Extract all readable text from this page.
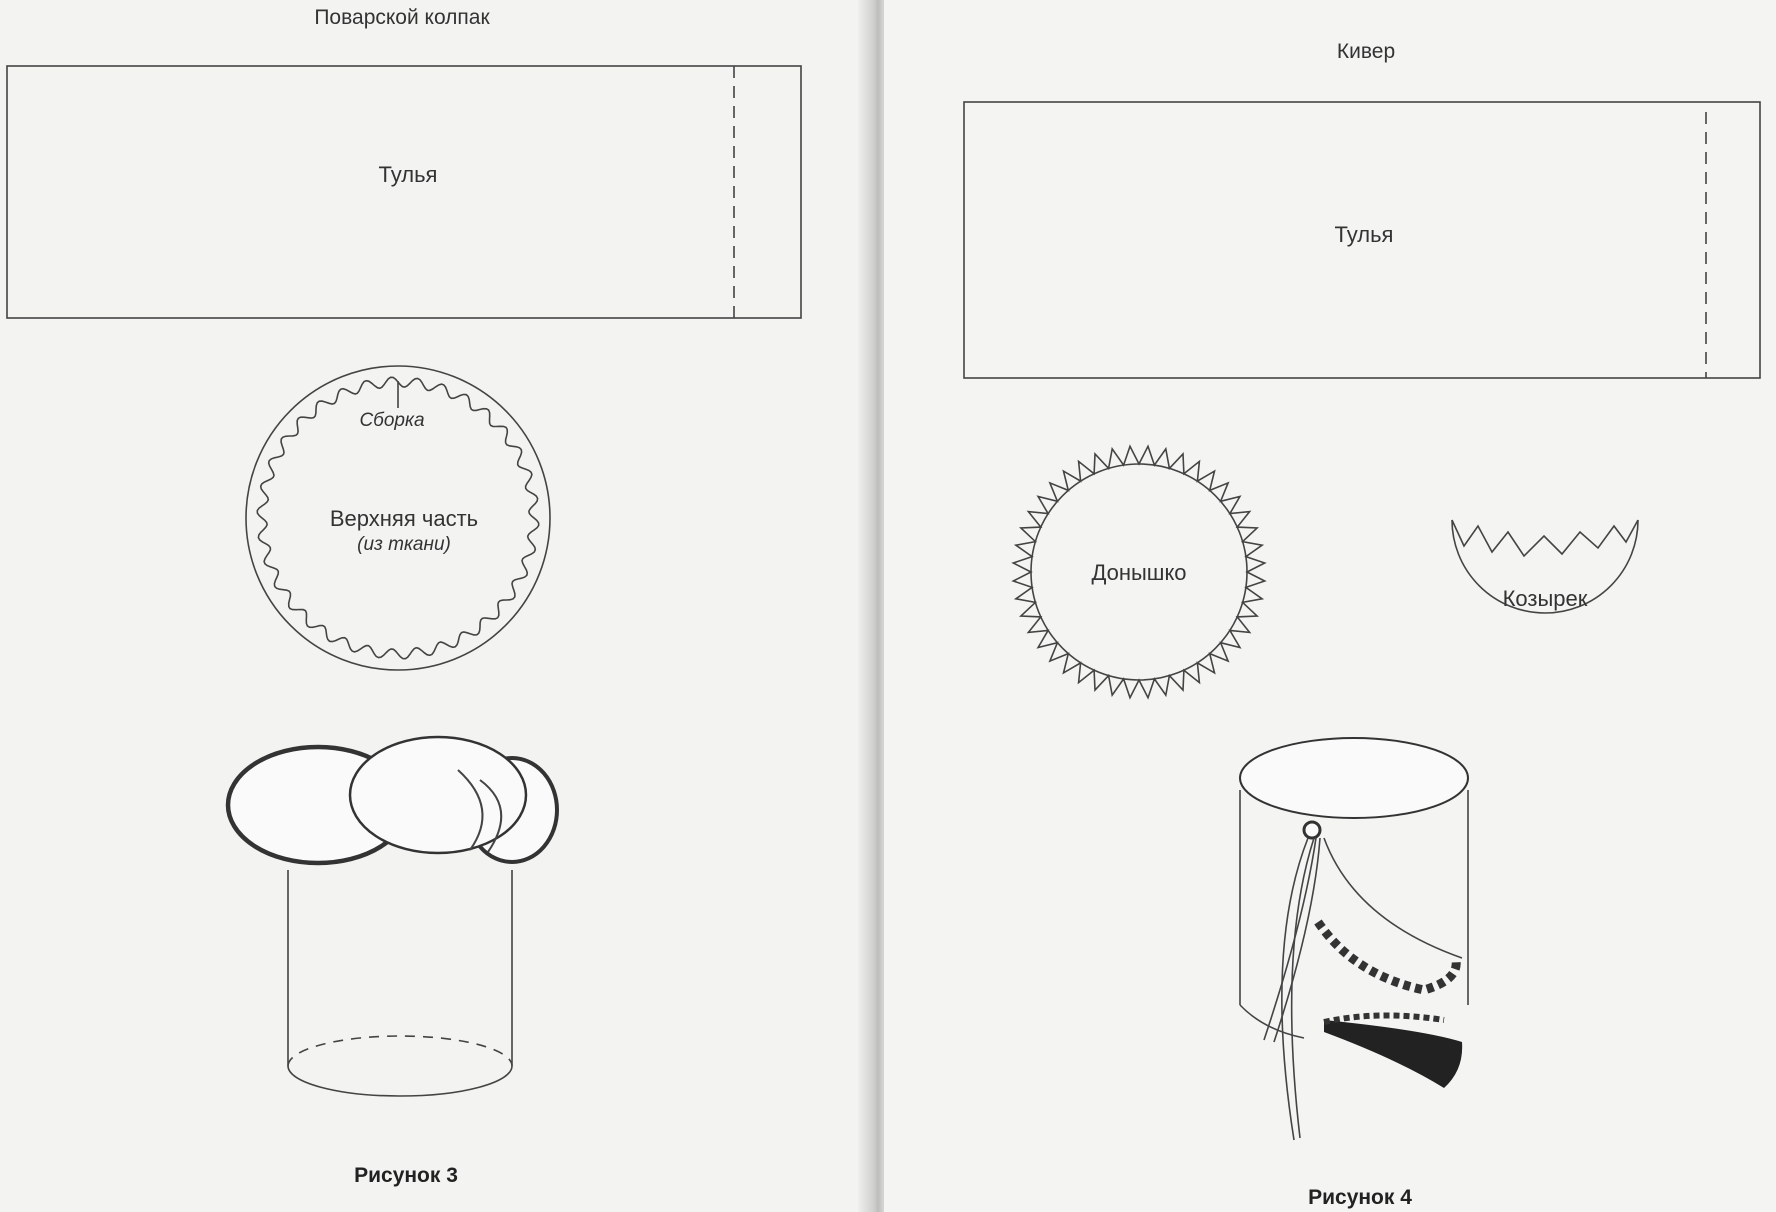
Поварской колпак
Тулья
Сборка
Верхняя часть
(из ткани)
Рисунок 3
Кивер
Тулья
Донышко
Козырек
Рисунок 4
